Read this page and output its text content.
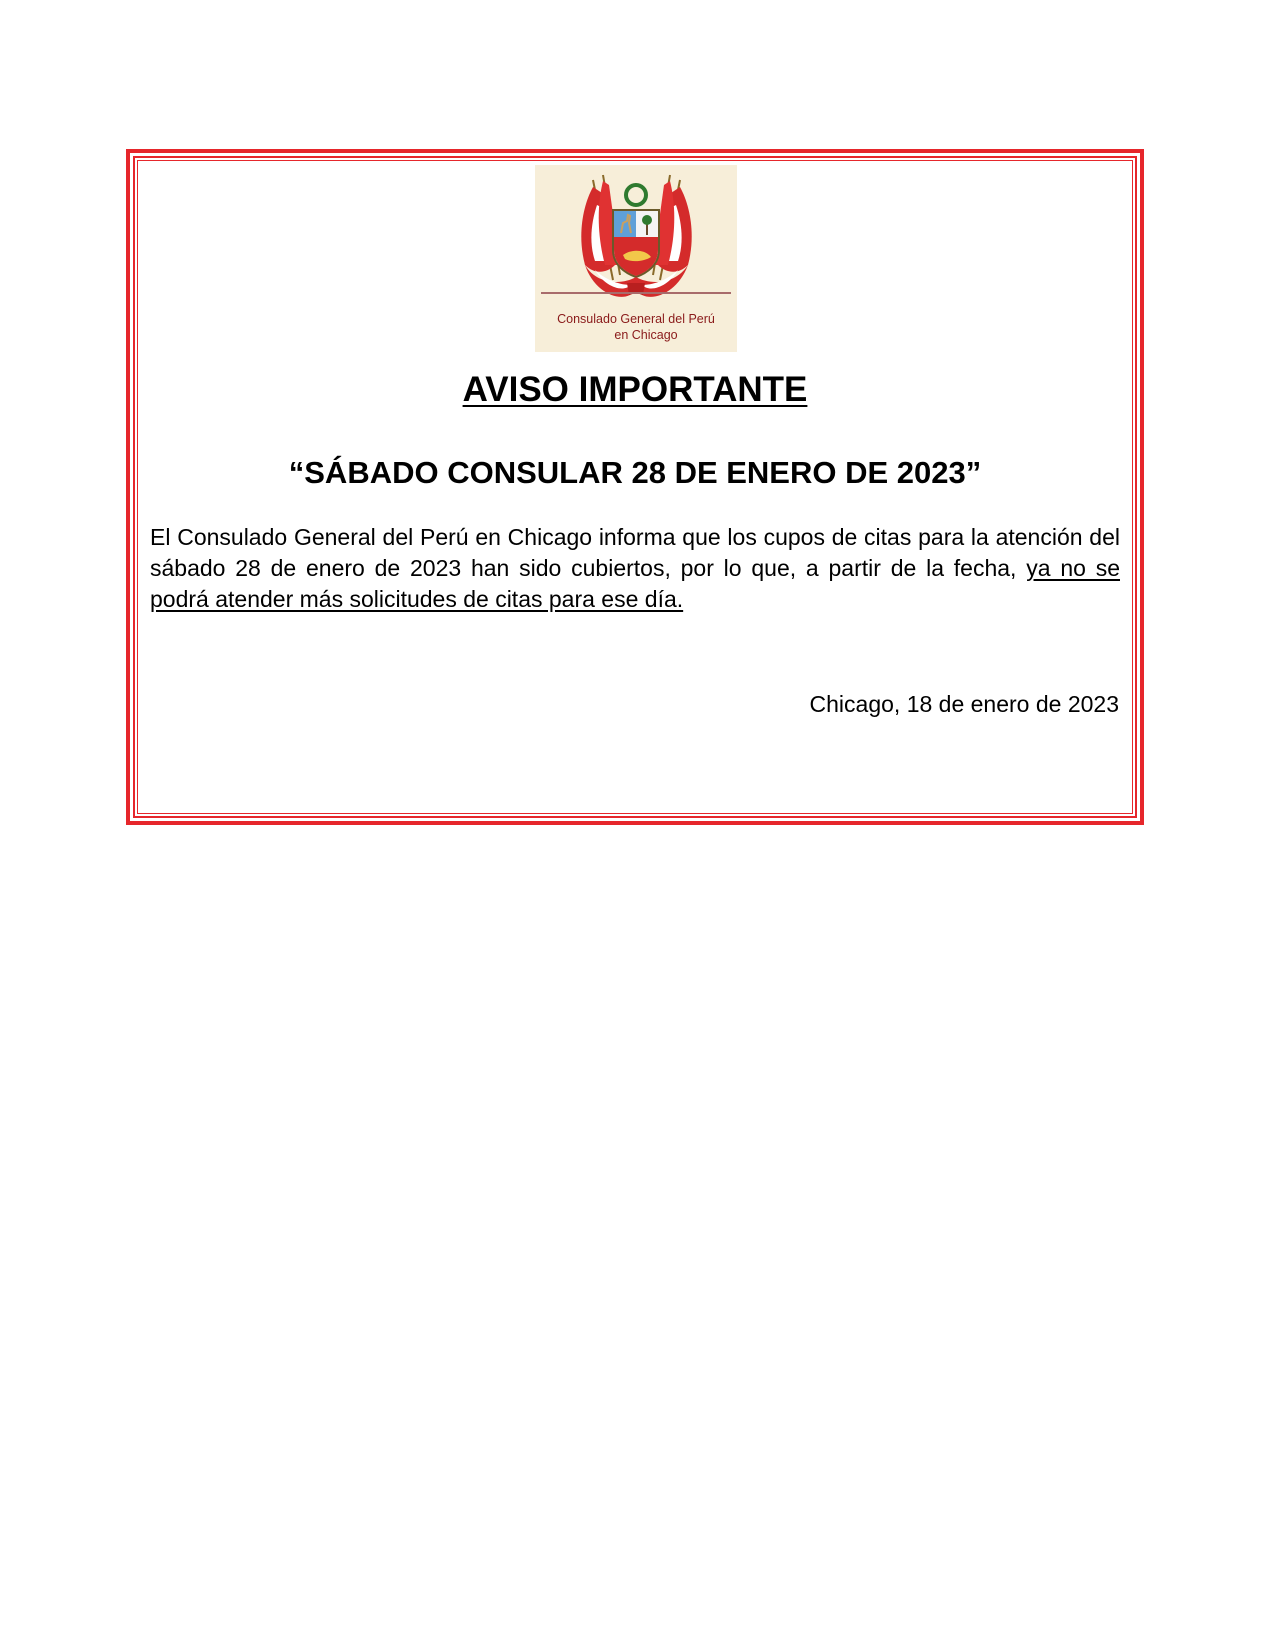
Consulado General del Perú
en Chicago
AVISO IMPORTANTE
“SÁBADO CONSULAR 28 DE ENERO DE 2023”
El Consulado General del Perú en Chicago informa que los cupos de citas para la atención del sábado 28 de enero de 2023 han sido cubiertos, por lo que, a partir de la fecha, ya no se podrá atender más solicitudes de citas para ese día.
Chicago, 18 de enero de 2023
